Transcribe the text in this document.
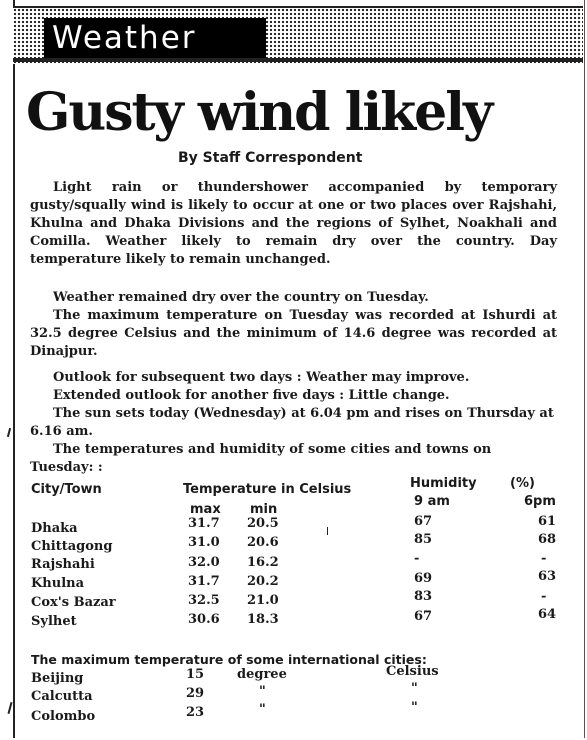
Weather
Gusty wind likely
By Staff Correspondent

Light rain or thundershower accompanied by temporary gusty/squally wind is likely to occur at one or two places over Rajshahi, Khulna and Dhaka Divisions and the regions of Sylhet, Noakhali and Comilla. Weather likely to remain dry over the country. Day temperature likely to remain unchanged.

Weather remained dry over the country on Tuesday.

The maximum temperature on Tuesday was recorded at Ishurdi at 32.5 degree Celsius and the minimum of 14.6 degree was recorded at Dinajpur.

Outlook for subsequent two days : Weather may improve.

Extended outlook for another five days : Little change.

The sun sets today (Wednesday) at 6.04 pm and rises on Thursday at 6.16 am.

The temperatures and humidity of some cities and towns on Tuesday: :

City/Town	Temperature in Celsius	Humidity	(%)
9 am	6pm
max min
Dhaka	31.7 20.5	67	61
Chittagong	31.0 20.6	85	68
Rajshahi	32.0 16.2	-	-
Khulna	31.7 20.2	69	63
Cox's Bazar	32.5 21.0	83	-
Sylhet	30.6 18.3	67	64
The maximum temperature of some international cities:
Beijing	15	degree	Celsius
Calcutta	29	"	"
Colombo	23	"	"
